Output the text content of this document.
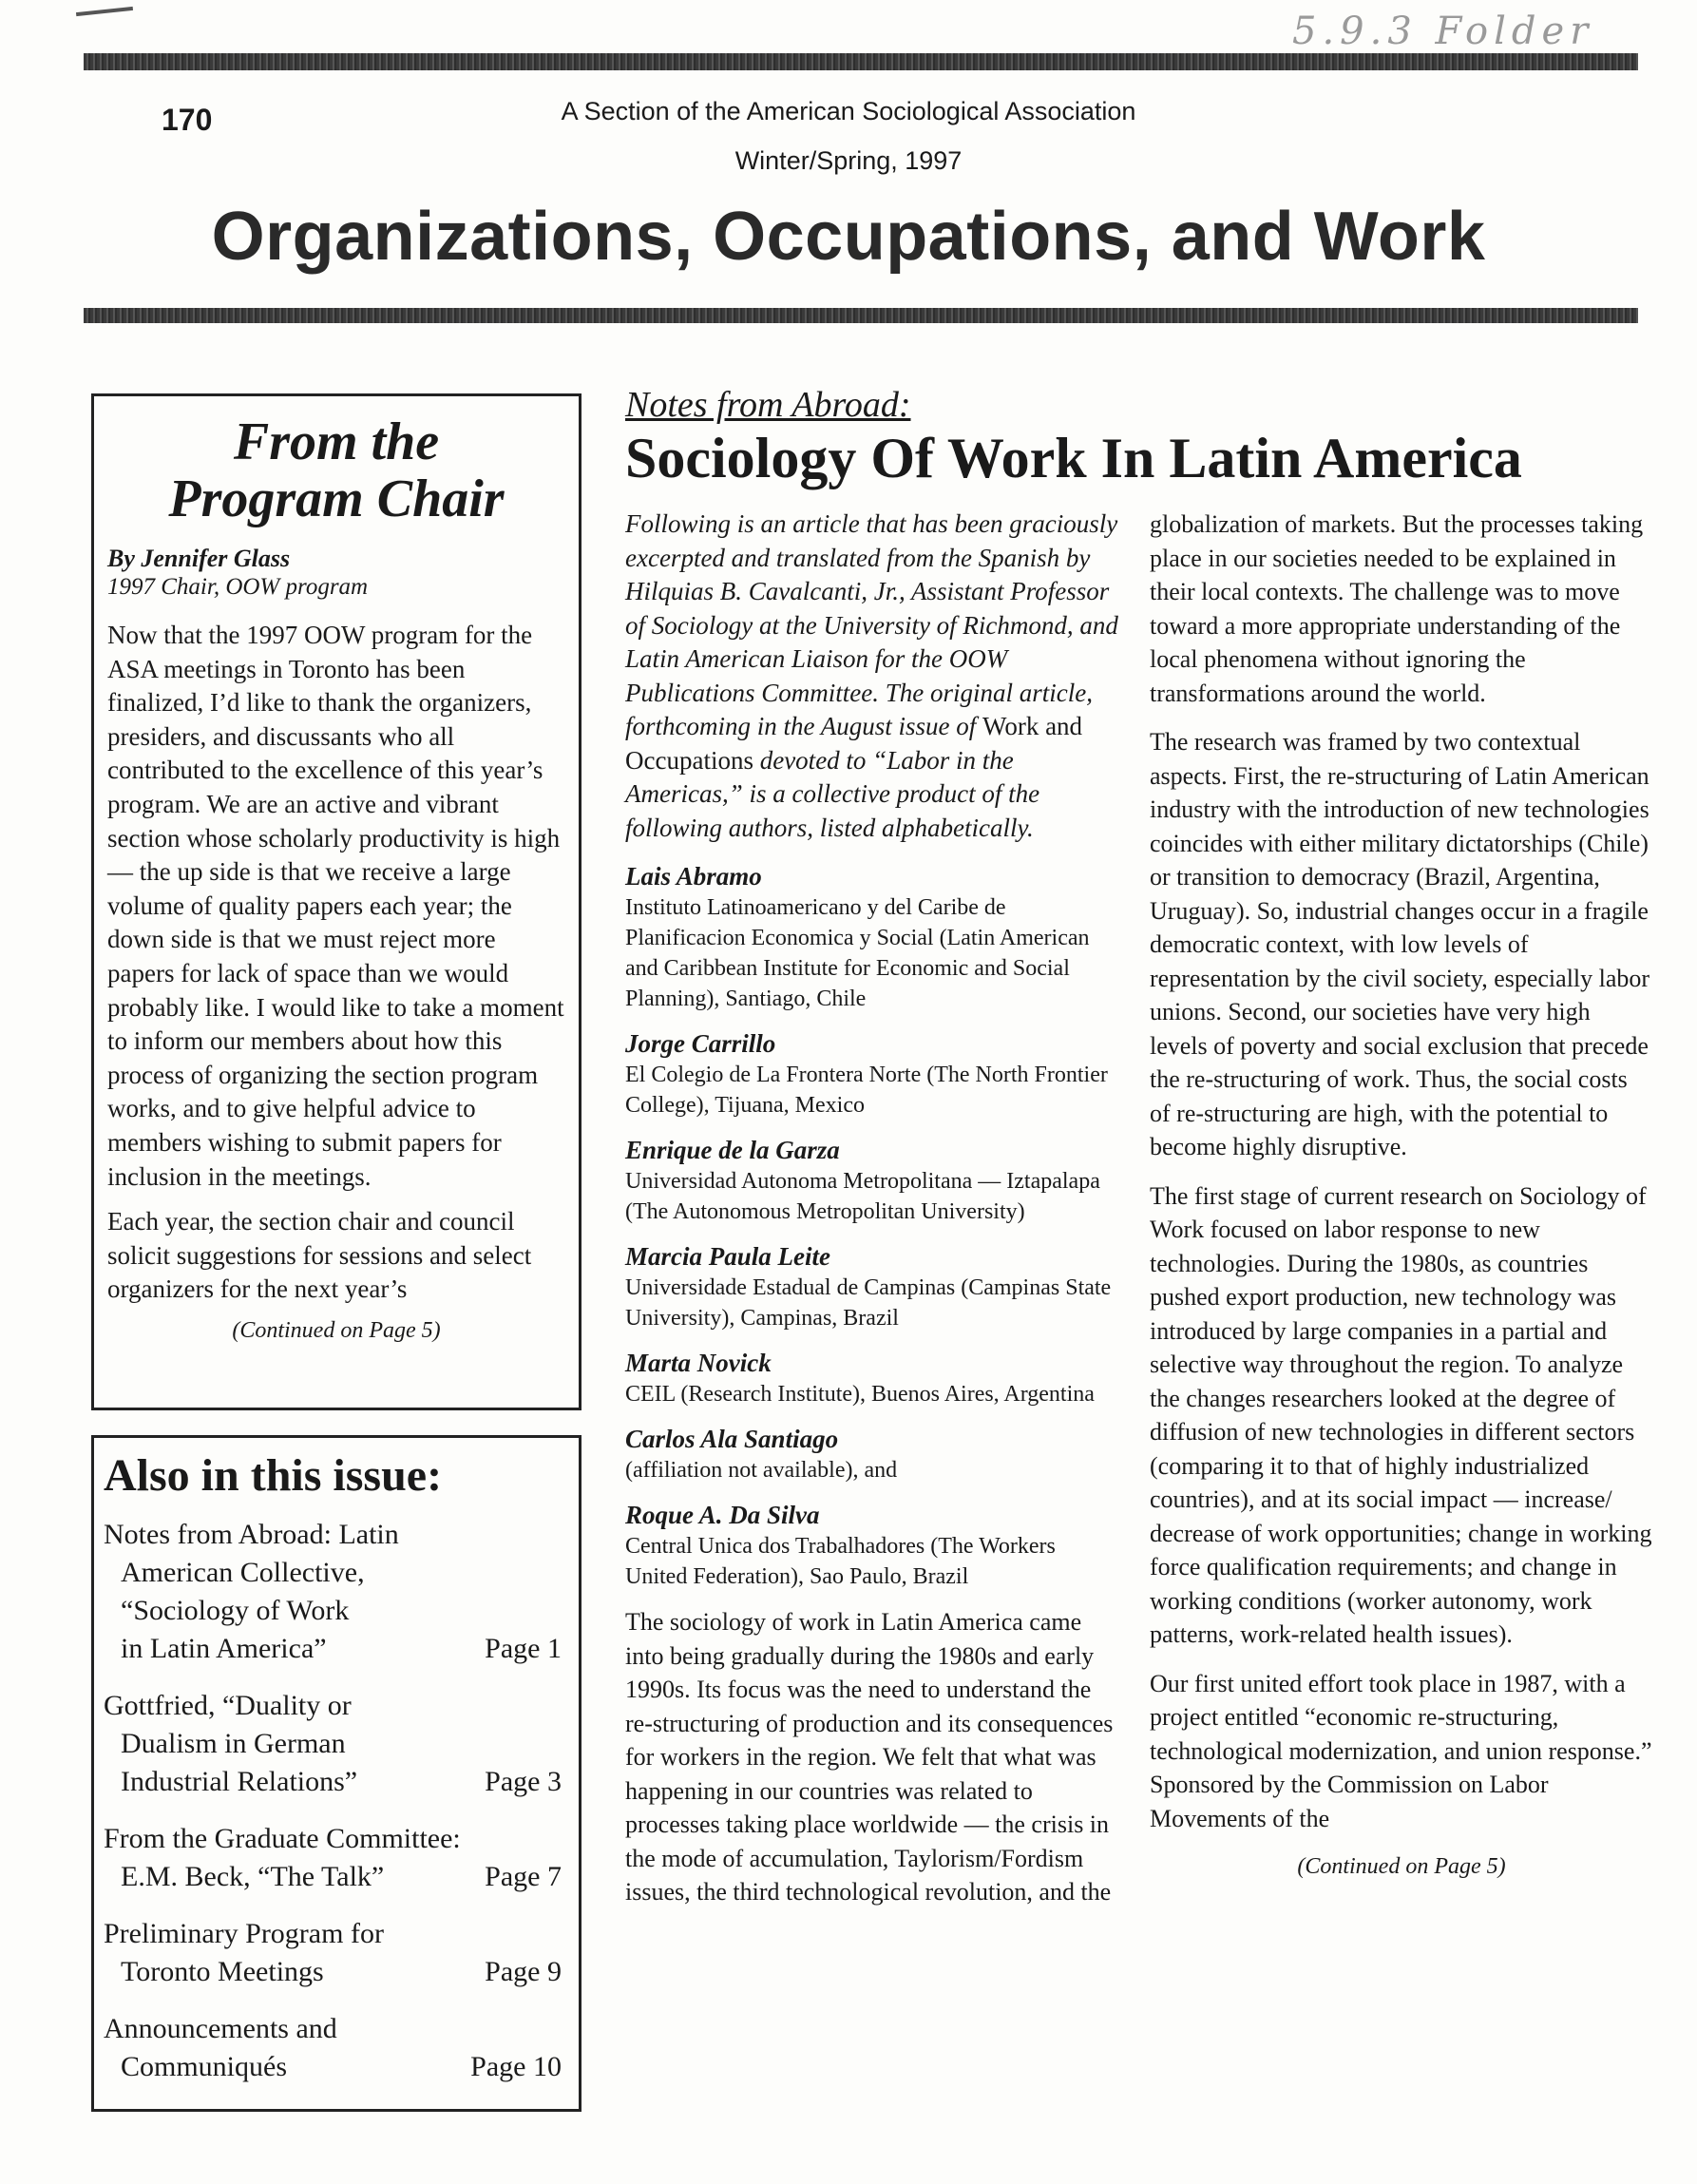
5.9.3 Folder
170	A Section of the American Sociological Association
Winter/Spring, 1997
Organizations, Occupations, and Work
From the
Program Chair
By Jennifer Glass
1997 Chair, OOW program

Now that the 1997 OOW program for the ASA meetings in Toronto has been finalized, I’d like to thank the organizers, presiders, and discussants who all contributed to the excellence of this year’s program. We are an active and vibrant section whose scholarly productivity is high — the up side is that we receive a large volume of quality papers each year; the down side is that we must reject more papers for lack of space than we would probably like. I would like to take a moment to inform our members about how this process of organizing the section program works, and to give helpful advice to members wishing to submit papers for inclusion in the meetings.

Each year, the section chair and council solicit suggestions for sessions and select organizers for the next year’s

(Continued on Page 5)
Also in this issue:
Notes from Abroad: Latin
American Collective,
“Sociology of Work
in Latin America”	Page 1
Gottfried, “Duality or
Dualism in German
Industrial Relations”	Page 3
From the Graduate Committee:
E.M. Beck, “The Talk”	Page 7
Preliminary Program for
Toronto Meetings	Page 9
Announcements and
Communiqués	Page 10
Notes from Abroad:
Sociology Of Work In Latin America

Following is an article that has been graciously excerpted and translated from the Spanish by Hilquias B. Cavalcanti, Jr., Assistant Professor of Sociology at the University of Richmond, and Latin American Liaison for the OOW Publications Committee. The original article, forthcoming in the August issue of Work and Occupations devoted to “Labor in the Americas,” is a collective product of the following authors, listed alphabetically.

Lais Abramo
Instituto Latinoamericano y del Caribe de Planificacion Economica y Social (Latin American and Caribbean Institute for Economic and Social Planning), Santiago, Chile
Jorge Carrillo
El Colegio de La Frontera Norte (The North Frontier College), Tijuana, Mexico
Enrique de la Garza
Universidad Autonoma Metropolitana — Iztapalapa (The Autonomous Metropolitan University)
Marcia Paula Leite
Universidade Estadual de Campinas (Campinas State University), Campinas, Brazil
Marta Novick
CEIL (Research Institute), Buenos Aires, Argentina
Carlos Ala Santiago
(affiliation not available), and
Roque A. Da Silva
Central Unica dos Trabalhadores (The Workers United Federation), Sao Paulo, Brazil

The sociology of work in Latin America came into being gradually during the 1980s and early 1990s. Its focus was the need to understand the re-structuring of production and its consequences for workers in the region. We felt that what was happening in our countries was related to processes taking place worldwide — the crisis in the mode of accumulation, Taylorism/Fordism issues, the third technological revolution, and the

globalization of markets. But the processes taking place in our societies needed to be explained in their local contexts. The challenge was to move toward a more appropriate understanding of the local phenomena without ignoring the transformations around the world.

The research was framed by two contextual aspects. First, the re-structuring of Latin American industry with the introduction of new technologies coincides with either military dictatorships (Chile) or transition to democracy (Brazil, Argentina, Uruguay). So, industrial changes occur in a fragile democratic context, with low levels of representation by the civil society, especially labor unions. Second, our societies have very high levels of poverty and social exclusion that precede the re-structuring of work. Thus, the social costs of re-structuring are high, with the potential to become highly disruptive.

The first stage of current research on Sociology of Work focused on labor response to new technologies. During the 1980s, as countries pushed export production, new technology was introduced by large companies in a partial and selective way throughout the region. To analyze the changes researchers looked at the degree of diffusion of new technologies in different sectors (comparing it to that of highly industrialized countries), and at its social impact — increase/ decrease of work opportunities; change in working force qualification requirements; and change in working conditions (worker autonomy, work patterns, work-related health issues).

Our first united effort took place in 1987, with a project entitled “economic re-structuring, technological modernization, and union response.” Sponsored by the Commission on Labor Movements of the

(Continued on Page 5)
